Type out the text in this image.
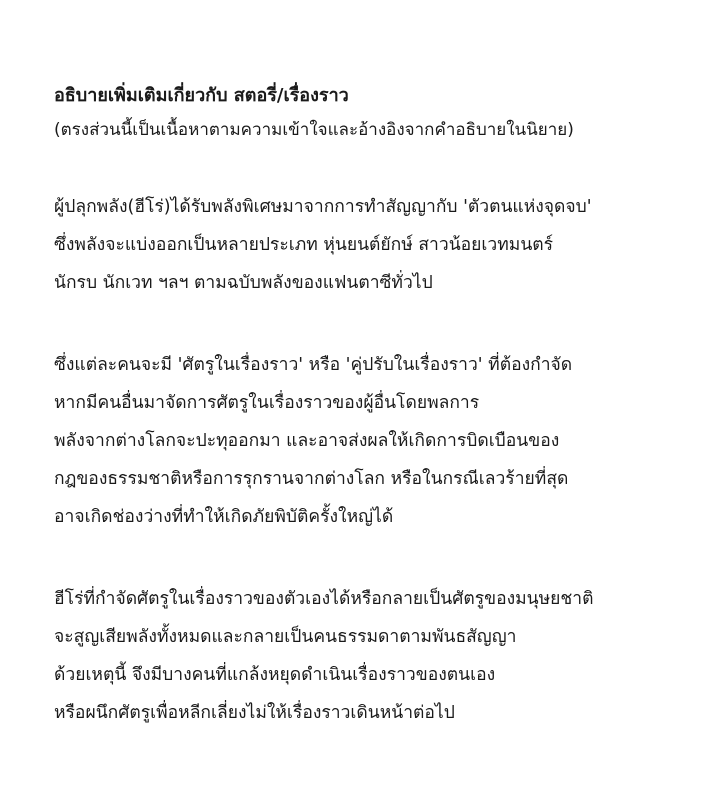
อธิบายเพิ่มเติมเกี่ยวกับ สตอรี่/เรื่องราว

(ตรงส่วนนี้เป็นเนื้อหาตามความเข้าใจและอ้างอิงจากคำอธิบายในนิยาย)

ผู้ปลุกพลัง(ฮีโร่)ได้รับพลังพิเศษมาจากการทำสัญญากับ 'ตัวตนแห่งจุดจบ'
ซึ่งพลังจะแบ่งออกเป็นหลายประเภท หุ่นยนต์ยักษ์ สาวน้อยเวทมนตร์
นักรบ นักเวท ฯลฯ ตามฉบับพลังของแฟนตาซีทั่วไป
ซึ่งแต่ละคนจะมี 'ศัตรูในเรื่องราว' หรือ 'คู่ปรับในเรื่องราว' ที่ต้องกำจัด
หากมีคนอื่นมาจัดการศัตรูในเรื่องราวของผู้อื่นโดยพลการ
พลังจากต่างโลกจะปะทุออกมา และอาจส่งผลให้เกิดการบิดเบือนของ
กฎของธรรมชาติหรือการรุกรานจากต่างโลก หรือในกรณีเลวร้ายที่สุด
อาจเกิดช่องว่างที่ทำให้เกิดภัยพิบัติครั้งใหญ่ได้
ฮีโร่ที่กำจัดศัตรูในเรื่องราวของตัวเองได้หรือกลายเป็นศัตรูของมนุษยชาติ
จะสูญเสียพลังทั้งหมดและกลายเป็นคนธรรมดาตามพันธสัญญา
ด้วยเหตุนี้ จึงมีบางคนที่แกล้งหยุดดำเนินเรื่องราวของตนเอง
หรือผนึกศัตรูเพื่อหลีกเลี่ยงไม่ให้เรื่องราวเดินหน้าต่อไป
